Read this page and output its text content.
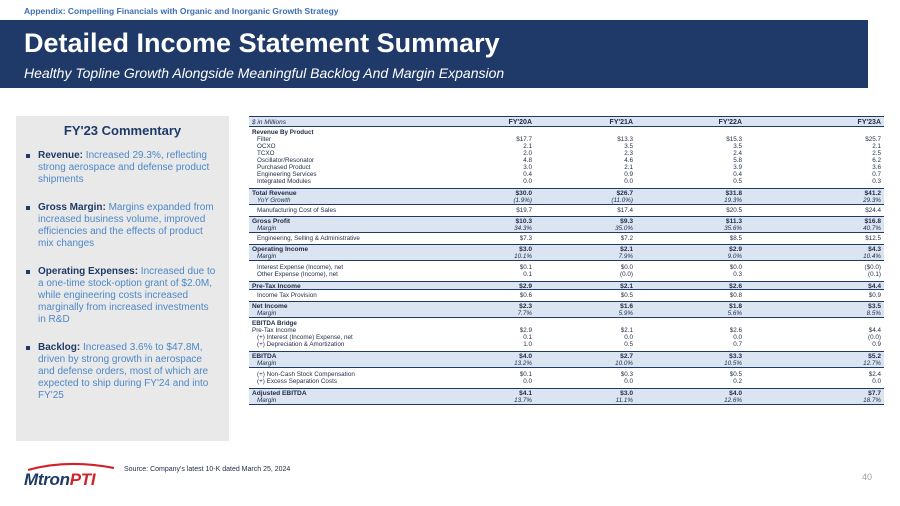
Appendix: Compelling Financials with Organic and Inorganic Growth Strategy
Detailed Income Statement Summary
Healthy Topline Growth Alongside Meaningful Backlog And Margin Expansion
FY'23 Commentary
Revenue: Increased 29.3%, reflecting strong aerospace and defense product shipments
Gross Margin: Margins expanded from increased business volume, improved efficiencies and the effects of product mix changes
Operating Expenses: Increased due to a one-time stock-option grant of $2.0M, while engineering costs increased marginally from increased investments in R&D
Backlog: Increased 3.6% to $47.8M, driven by strong growth in aerospace and defense orders, most of which are expected to ship during FY'24 and into FY'25
$ in Millions	FY'20A	FY'21A	FY'22A	FY'23A
Revenue By Product
Filter	$17.7	$13.3	$15.3	$25.7
OCXO	2.1	3.5	3.5	2.1
TCXO	2.0	2.3	2.4	2.5
Oscillator/Resonator	4.8	4.6	5.8	6.2
Purchased Product	3.0	2.1	3.9	3.6
Engineering Services	0.4	0.9	0.4	0.7
Integrated Modules	0.0	0.0	0.5	0.3
Total Revenue	$30.0	$26.7	$31.8	$41.2
YoY Growth	(1.9%)	(11.0%)	19.3%	29.3%
Manufacturing Cost of Sales	$19.7	$17.4	$20.5	$24.4
Gross Profit	$10.3	$9.3	$11.3	$16.8
Margin	34.3%	35.0%	35.6%	40.7%
Engineering, Selling & Administrative	$7.3	$7.2	$8.5	$12.5
Operating Income	$3.0	$2.1	$2.9	$4.3
Margin	10.1%	7.9%	9.0%	10.4%
Interest Expense (Income), net	$0.1	$0.0	$0.0	($0.0)
Other Expense (Income), net	0.1	(0.0)	0.3	(0.1)
Pre-Tax Income	$2.9	$2.1	$2.6	$4.4
Income Tax Provision	$0.6	$0.5	$0.8	$0.9
Net Income	$2.3	$1.6	$1.8	$3.5
Margin	7.7%	5.9%	5.6%	8.5%
EBITDA Bridge
Pre-Tax Income	$2.9	$2.1	$2.6	$4.4
(+) Interest (Income) Expense, net	0.1	0.0	0.0	(0.0)
(+) Depreciation & Amortization	1.0	0.5	0.7	0.9
EBITDA	$4.0	$2.7	$3.3	$5.2
Margin	13.2%	10.0%	10.5%	12.7%
(+) Non-Cash Stock Compensation	$0.1	$0.3	$0.5	$2.4
(+) Excess Separation Costs	0.0	0.0	0.2	0.0
Adjusted EBITDA	$4.1	$3.0	$4.0	$7.7
Margin	13.7%	11.1%	12.6%	18.7%
MtronPTI
Source: Company's latest 10-K dated March 25, 2024
40
